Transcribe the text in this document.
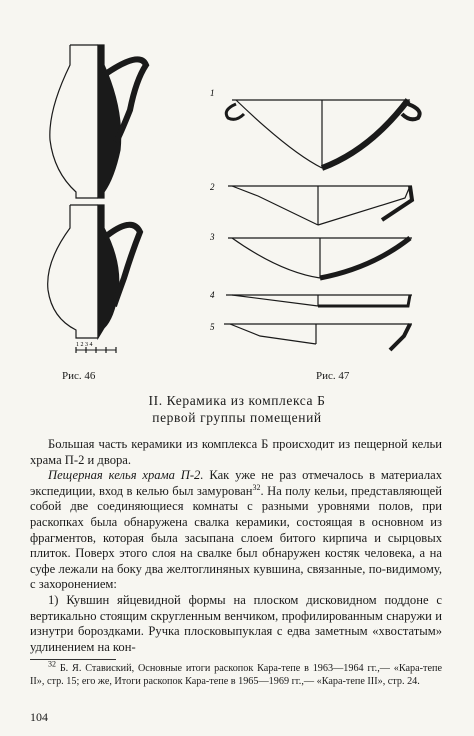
1
2
3
4
5
1 2 3 4
Рис. 46	Рис. 47
II. Керамика из комплекса Б
первой группы помещений

Большая часть керамики из комплекса Б происходит из пещерной кельи храма П-2 и двора.

Пещерная келья храма П-2. Как уже не раз отмечалось в материалах экспедиции, вход в келью был замурован$^{32}$. На полу кельи, представляющей собой две соединяющиеся комнаты с разными уровнями полов, при раскопках была обнаружена свалка керамики, состоящая в основном из фрагментов, которая была засыпана слоем битого кирпича и сырцовых плиток. Поверх этого слоя на свалке был обнаружен костяк человека, а на суфе лежали на боку два желтоглиняных кувшина, связанные, по-видимому, с захоронением:

1) Кувшин яйцевидной формы на плоском дисковидном поддоне с вертикально стоящим скругленным венчиком, профилированным снаружи и изнутри бороздками. Ручка плосковыпуклая с едва заметным «хвостатым» удлинением на кон-

$^{32}$ Б. Я. Ставиский, Основные итоги раскопок Кара-тепе в 1963—1964 гг.,— «Кара-тепе II», стр. 15; его же, Итоги раскопок Кара-тепе в 1965—1969 гг.,— «Кара-тепе III», стр. 24.
104
